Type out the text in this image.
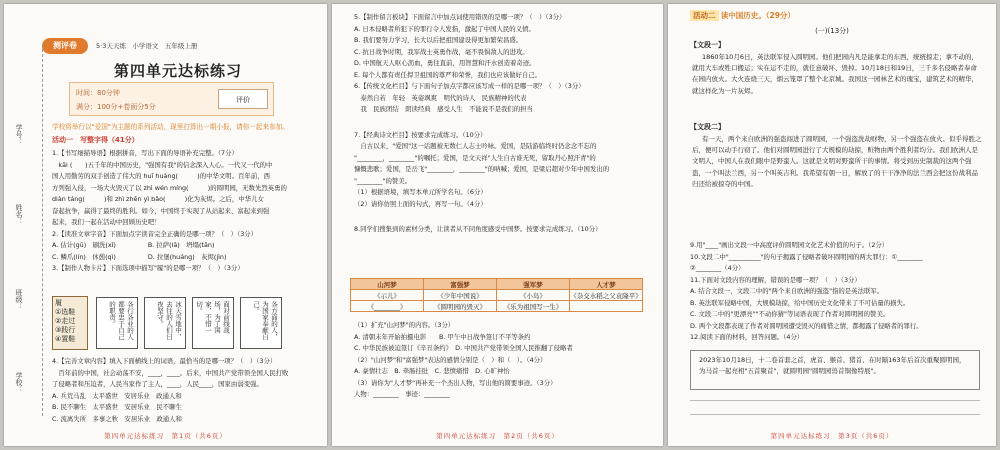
测评卷	5·3天天练　小学语文　五年级上册
第四单元达标练习
时间：80分钟
满分：100分+卷面分5分
评价
学号：
姓名：
班级：
学校：
学校将举行以"爱国"为主题的系列活动，现里打算出一期小报，请你一起来参加。
活动一　写整字得（41分）
1.【书写细描导语】根据拼音，写出下面的导语补充完整。（7分）
　kāi (　　)五千年的中国历史，"强国有我"的信念深入人心。一代又一代的中
国人用勤劳的双手创造了伟大的 huī huáng(　　　)的中华文明。百年前，西
方列强入侵，一场大火毁灭了以 zhì wén míng(　　　)的圆明园，无数先烈英勇的
diàn táng(　　　)和 zhì zhēn yì bǎo(　　　)化为灰烬。之后，中华儿女
奋起抗争，赢得了最终的胜利。如今，中国终于实现了从站起来、富起来到强
起来，我们一起在活动中回顾历史吧！
2.【读准文章字音】下面加点字读音完全正确的是哪一项？（　）（3分）
A. 估计(gū)　刷洗(xǐ)　　　　　B. 拉萨(lā)　坍塌(tān)
C. 鳞爪(lín)　休憩(qì)　　　　　D. 拉堡(huáng)　灰烬(jìn)
3.【制作人物卡片】下面选项中描写"履"的是哪一项？（　）（3分）
履
①选鞋
②走过
③践行
④置鞋	各行各业的人都要忠于自己的职责。	冰天雪地中，去往的人们日夜坚守。	面对前线战场，为了国家，不惜一切。	各方面的人，为国家奉献自己。
4.【完善文章内容】填入下面横线上的词语，最恰当的是哪一项？（　）（3分）
　百年前的中国，社会动荡不安，____，____。后来，中国共产党带领全国人民打败
了侵略者和压迫者，人民当家作了主人，____，人民____，国家由弱变强。
A. 兵荒马乱　太平盛世　安居乐业　政通人和
B. 民不聊生　太平盛世　安居乐业　民不聊生
C. 流离失所　多事之秋　安居乐业　政通人和
第四单元达标练习　第1页（共6页）
5.【制作留言板块】下面留言中加点词使用错误的是哪一项？（　）（3分）
A. 日本侵略者所犯下的罪行令人发指，激起了中国人民的义愤。
B. 我们要努力学习，长大以后把祖国建设得更加繁荣昌盛。
C. 抗日战争时期，我军战士英勇作战，毫不畏惧敌人的进攻。
D. 中国航天人呕心沥血，勇往直前，用智慧和汗水创造着奇迹。
E. 每个人都有责任捍卫祖国的尊严和荣誉，我们也应该做好自己。
6.【传统文化栏目】与下面句子加点字都应该写成一样的是哪一项？（　）（3分）
　泰然自若　年轻　英姿飒爽　明代的诗人　民族精神的代表
　我　民族团结　朗读经典　感受人生　不能说不是我们的担当
7.【经典诗文栏目】按要求完成练习。（10分）
　自古以来，"爱国"这一话题被无数仁人志士吟咏。爱国，是陆游临终时仍念念不忘的
"________，________"的嘱托；爱国，是文天祥"人生自古谁无死，留取丹心照汗青"的
慷慨悲歌；爱国，是岳飞"________，________"的呐喊；爱国，是梁启超对少年中国发出的
"________"的赞美。
（1）根据语境，填写本单元所学名句。（6分）
（2）请你仿照上面的句式，再写一句。（4分）
8.同学们搜集到的素材分类，让读者从不同角度感受中国梦。按要求完成练习。（10分）
山河梦	富强梦	强军梦	人才梦
《示儿》	《少年中国说》	《小岛》	《杂交水稻之父袁隆平》
《________》	《圆明园的毁灭》	《乐为祖国写一生》	
（1）扩充"山河梦"的内容。（3分）
A. 清朝末年开始拍摄电影　　B. 甲午中日战争签订不平等条约
C. 中华民族被迫签订《辛丑条约》　D. 中国共产党带领全国人民推翻了侵略者
（2）"山河梦"和"富强梦"表达的感情分别是（　）和（　）。（4分）
A. 豪情壮志　B. 牵肠挂肚　C. 悲愤痛惜　D. 心旷神怡
（3）请你为"人才梦"再补充一个杰出人物，写出他的简要事迹。（3分）
人物：________　事迹：________
第四单元达标练习　第2页（共6页）
活动二 读中国历史。（29分）
(一)(13分)
【文段一】
1860年10月6日，英法联军侵入圆明园。他们把园内凡是能拿走的东西，统统掠走；拿不动的，就用大车或牲口搬运；实在运不走的，就任意破坏、毁掉。10月18日和19日，三千多名侵略者奉命在园内放火。大火连烧三天，烟云笼罩了整个北京城。我国这一园林艺术的瑰宝，建筑艺术的精华，就这样化为一片灰烬。
【文段二】
有一天，两个来自欧洲的强盗闯进了圆明园，一个强盗洗劫财物，另一个强盗在放火。似乎得胜之后，便可以动手行窃了。他们对圆明园进行了大规模的劫掠，赃物由两个胜利者均分。我们欧洲人是文明人，中国人在我们眼中是野蛮人。这就是文明对野蛮所干的事情。将受到历史制裁的这两个强盗，一个叫法兰西，另一个叫英吉利。我希望有朝一日，解放了的干干净净的法兰西会把这份战利品归还给被掠夺的中国。
9.用"____"画出文段一中高度评价圆明园文化艺术价值的句子。（2分）
10.文段二中"__________"的句子揭露了侵略者破坏圆明园的两大罪行：①________
②________（4分）
11.下面对文段内容的理解，错误的是哪一项？（　）（3分）
A. 结合文段一，文段二中的"两个来自欧洲的强盗"指的是英法联军。
B. 英法联军侵略中国，大规模劫掠，给中国历史文化带来了不可估量的损失。
C. 文段二中的"更漂亮""不动你猜"等词语表现了作者对圆明园的赞美。
D. 两个文段都表现了作者对圆明园遭受毁灭的痛惜之情，都揭露了侵略者的罪行。
12.阅读下面的材料，回答问题。（4分）
2023年10月18日，十二卷首套之首，虎首、猴首、猪首、在时隔163年后首次重聚圆明园，为马首一起亮相"五首聚首"，就圆明园"圆明园兽首铜像特展"。
第四单元达标练习　第3页（共6页）
